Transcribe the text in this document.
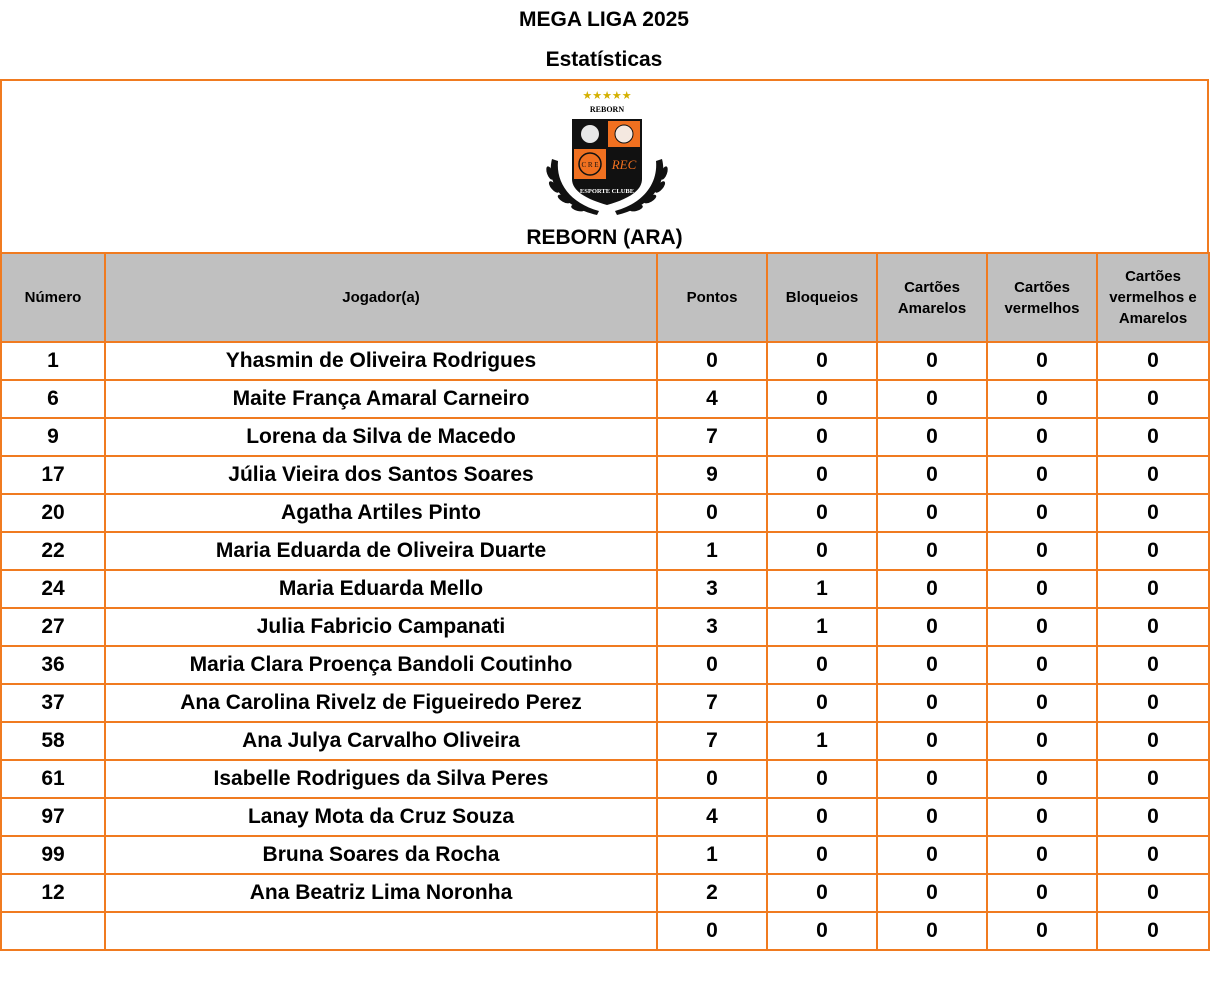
MEGA LIGA 2025
Estatísticas
★★★★★
REBORN
C R E REC
ESPORTE CLUBE
REBORN (ARA)
Número	Jogador(a)	Pontos	Bloqueios	Cartões Amarelos	Cartões vermelhos	Cartões vermelhos e Amarelos
1	Yhasmin de Oliveira Rodrigues	0	0	0	0	0
6	Maite França Amaral Carneiro	4	0	0	0	0
9	Lorena da Silva de Macedo	7	0	0	0	0
17	Júlia Vieira dos Santos Soares	9	0	0	0	0
20	Agatha Artiles Pinto	0	0	0	0	0
22	Maria Eduarda de Oliveira Duarte	1	0	0	0	0
24	Maria Eduarda Mello	3	1	0	0	0
27	Julia Fabricio Campanati	3	1	0	0	0
36	Maria Clara Proença Bandoli Coutinho	0	0	0	0	0
37	Ana Carolina Rivelz de Figueiredo Perez	7	0	0	0	0
58	Ana Julya Carvalho Oliveira	7	1	0	0	0
61	Isabelle Rodrigues da Silva Peres	0	0	0	0	0
97	Lanay Mota da Cruz Souza	4	0	0	0	0
99	Bruna Soares da Rocha	1	0	0	0	0
12	Ana Beatriz Lima Noronha	2	0	0	0	0
		0	0	0	0	0
